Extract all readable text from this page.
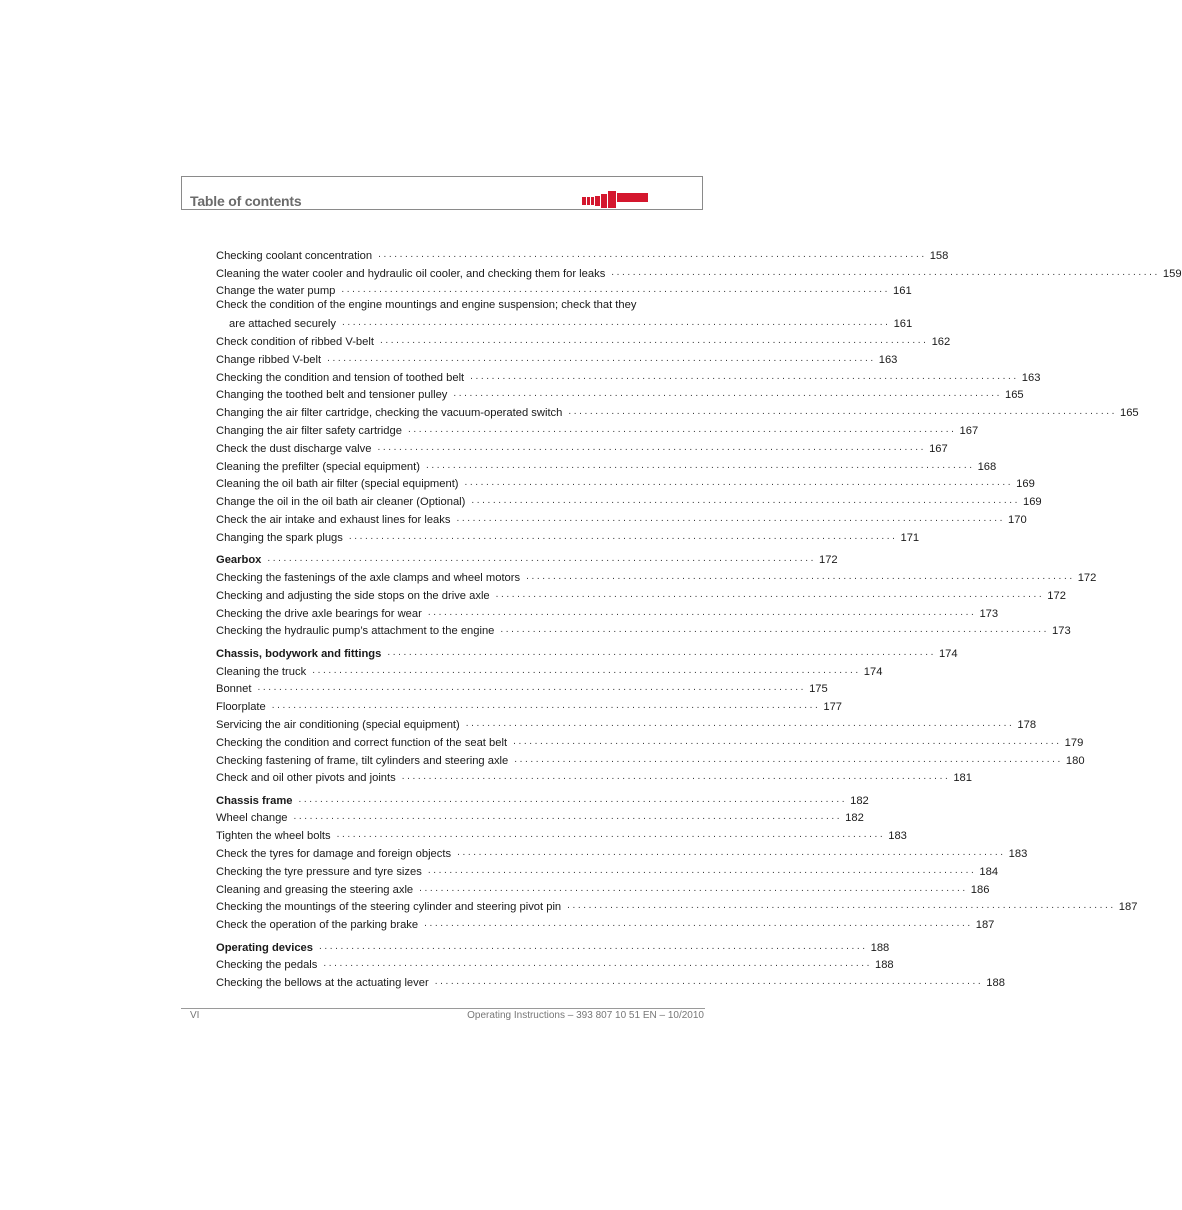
Table of contents
Checking coolant concentration ...................................................................................................... 158
Cleaning the water cooler and hydraulic oil cooler, and checking them for leaks ...................................................................................................... 159
Change the water pump ...................................................................................................... 161
Check the condition of the engine mountings and engine suspension; check that they
are attached securely ...................................................................................................... 161
Check condition of ribbed V-belt ...................................................................................................... 162
Change ribbed V-belt ...................................................................................................... 163
Checking the condition and tension of toothed belt ...................................................................................................... 163
Changing the toothed belt and tensioner pulley ...................................................................................................... 165
Changing the air filter cartridge, checking the vacuum-operated switch ...................................................................................................... 165
Changing the air filter safety cartridge ...................................................................................................... 167
Check the dust discharge valve ...................................................................................................... 167
Cleaning the prefilter (special equipment) ...................................................................................................... 168
Cleaning the oil bath air filter (special equipment) ...................................................................................................... 169
Change the oil in the oil bath air cleaner (Optional) ...................................................................................................... 169
Check the air intake and exhaust lines for leaks ...................................................................................................... 170
Changing the spark plugs ...................................................................................................... 171
Gearbox ...................................................................................................... 172
Checking the fastenings of the axle clamps and wheel motors ...................................................................................................... 172
Checking and adjusting the side stops on the drive axle ...................................................................................................... 172
Checking the drive axle bearings for wear ...................................................................................................... 173
Checking the hydraulic pump’s attachment to the engine ...................................................................................................... 173
Chassis, bodywork and fittings ...................................................................................................... 174
Cleaning the truck ...................................................................................................... 174
Bonnet ...................................................................................................... 175
Floorplate ...................................................................................................... 177
Servicing the air conditioning (special equipment) ...................................................................................................... 178
Checking the condition and correct function of the seat belt ...................................................................................................... 179
Checking fastening of frame, tilt cylinders and steering axle ...................................................................................................... 180
Check and oil other pivots and joints ...................................................................................................... 181
Chassis frame ...................................................................................................... 182
Wheel change ...................................................................................................... 182
Tighten the wheel bolts ...................................................................................................... 183
Check the tyres for damage and foreign objects ...................................................................................................... 183
Checking the tyre pressure and tyre sizes ...................................................................................................... 184
Cleaning and greasing the steering axle ...................................................................................................... 186
Checking the mountings of the steering cylinder and steering pivot pin ...................................................................................................... 187
Check the operation of the parking brake ...................................................................................................... 187
Operating devices ...................................................................................................... 188
Checking the pedals ...................................................................................................... 188
Checking the bellows at the actuating lever ...................................................................................................... 188
VI	Operating Instructions – 393 807 10 51 EN – 10/2010
